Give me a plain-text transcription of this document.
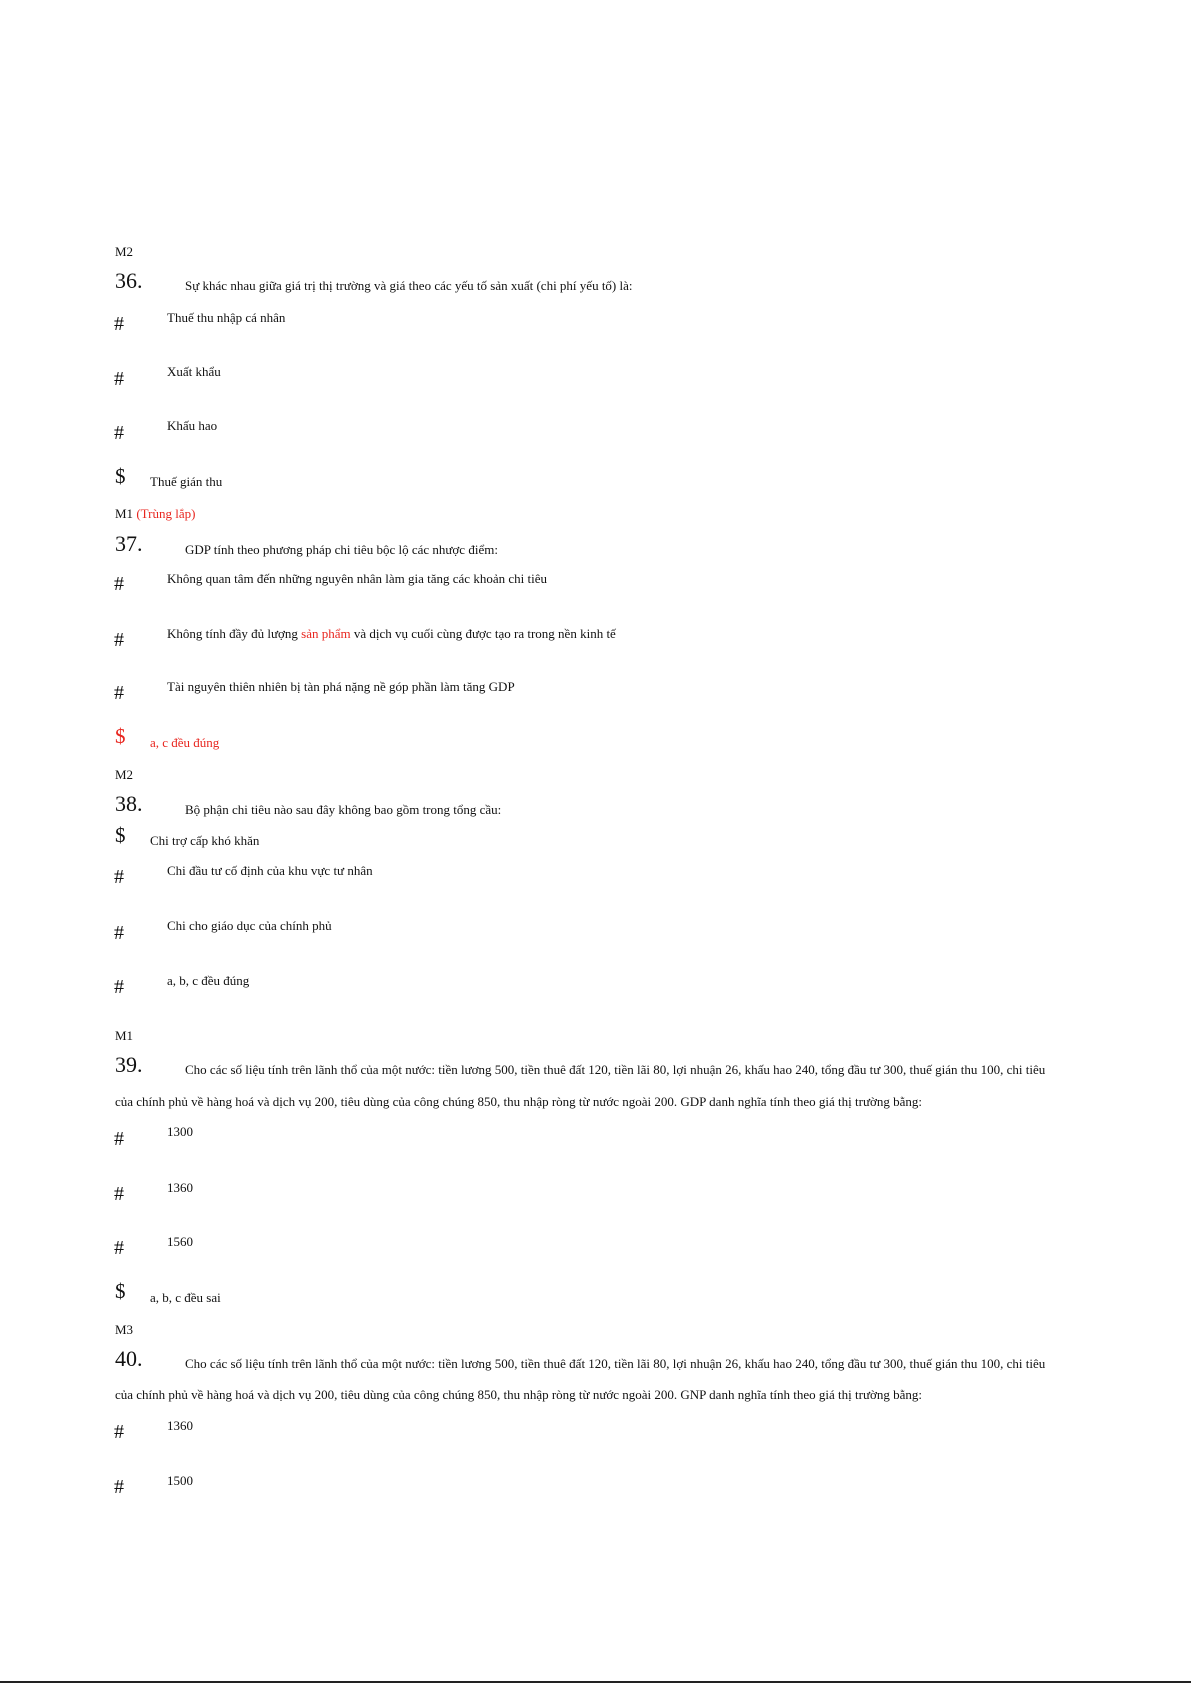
M2
36.	Sự khác nhau giữa giá trị thị trường và giá theo các yếu tố sản xuất (chi phí yếu tố) là:
#	Thuế thu nhập cá nhân
#	Xuất khẩu
#	Khấu hao
$ Thuế gián thu
M1 (Trùng lắp)
37.	GDP tính theo phương pháp chi tiêu bộc lộ các nhược điểm:
#	Không quan tâm đến những nguyên nhân làm gia tăng các khoản chi tiêu
#	Không tính đầy đủ lượng sản phẩm và dịch vụ cuối cùng được tạo ra trong nền kinh tế
#	Tài nguyên thiên nhiên bị tàn phá nặng nề góp phần làm tăng GDP
$ a, c đều đúng
M2
38.	Bộ phận chi tiêu nào sau đây không bao gồm trong tổng cầu:
$ Chi trợ cấp khó khăn
#	Chi đầu tư cố định của khu vực tư nhân
#	Chi cho giáo dục của chính phủ
#	a, b, c đều đúng
M1
39.	Cho các số liệu tính trên lãnh thổ của một nước: tiền lương 500, tiền thuê đất 120, tiền lãi 80, lợi nhuận 26, khấu hao 240, tổng đầu tư 300, thuế gián thu 100, chi tiêu
của chính phủ về hàng hoá và dịch vụ 200, tiêu dùng của công chúng 850, thu nhập ròng từ nước ngoài 200. GDP danh nghĩa tính theo giá thị trường bằng:
#	1300
#	1360
#	1560
$ a, b, c đều sai
M3
40.	Cho các số liệu tính trên lãnh thổ của một nước: tiền lương 500, tiền thuê đất 120, tiền lãi 80, lợi nhuận 26, khấu hao 240, tổng đầu tư 300, thuế gián thu 100, chi tiêu
của chính phủ về hàng hoá và dịch vụ 200, tiêu dùng của công chúng 850, thu nhập ròng từ nước ngoài 200. GNP danh nghĩa tính theo giá thị trường bằng:
#	1360
#	1500
